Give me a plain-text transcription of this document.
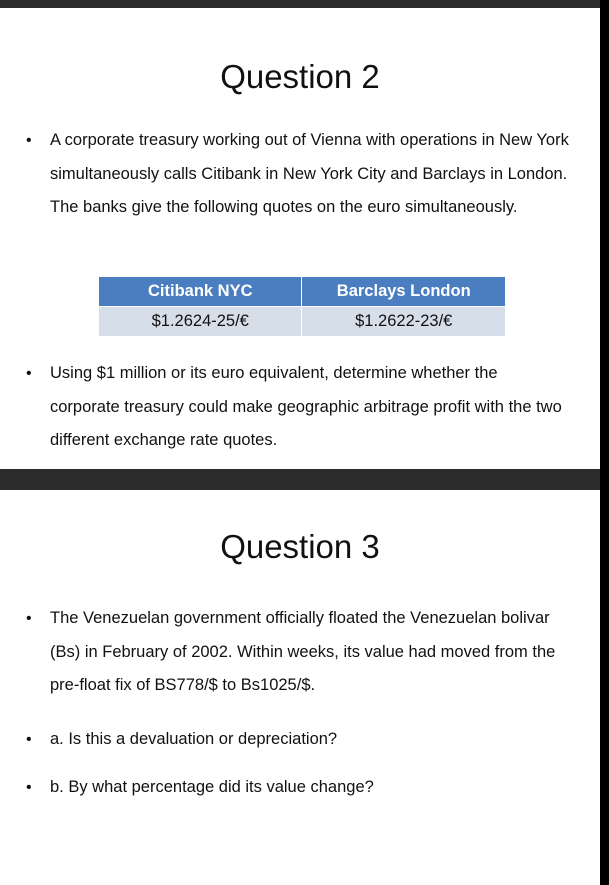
Question 2
•	A corporate treasury working out of Vienna with operations in New York simultaneously calls Citibank in New York City and Barclays in London. The banks give the following quotes on the euro simultaneously.
Citibank NYC	Barclays London
$1.2624-25/€	$1.2622-23/€
•	Using $1 million or its euro equivalent, determine whether the corporate treasury could make geographic arbitrage profit with the two different exchange rate quotes.
Question 3
•	The Venezuelan government officially floated the Venezuelan bolivar (Bs) in February of 2002. Within weeks, its value had moved from the pre-float fix of BS778/$ to Bs1025/$.
•	a. Is this a devaluation or depreciation?
•	b. By what percentage did its value change?
